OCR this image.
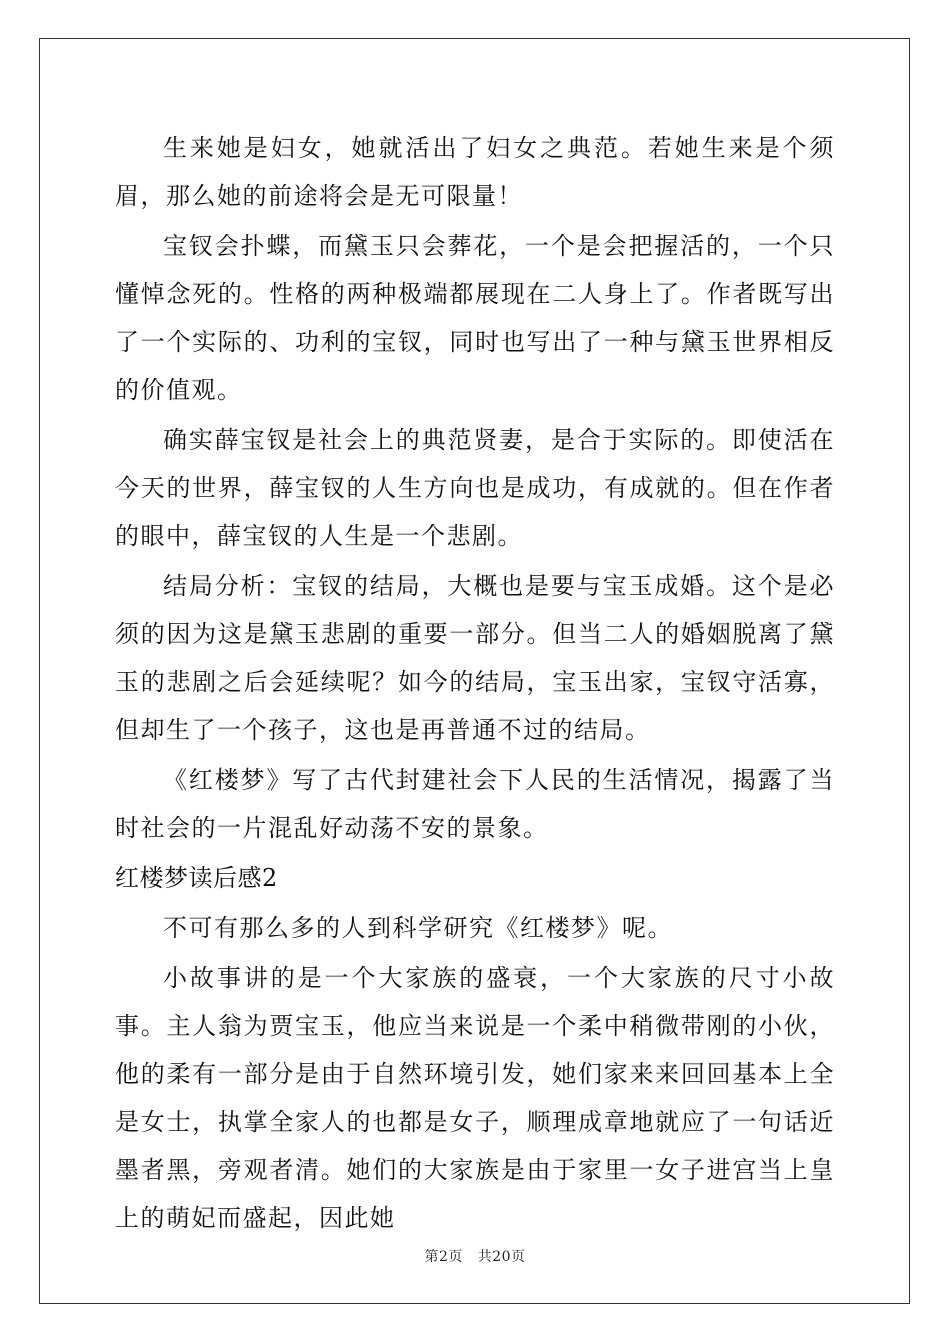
生来她是妇女，她就活出了妇女之典范。若她生来是个须眉，那么她的前途将会是无可限量！

宝钗会扑蝶，而黛玉只会葬花，一个是会把握活的，一个只懂悼念死的。性格的两种极端都展现在二人身上了。作者既写出了一个实际的、功利的宝钗，同时也写出了一种与黛玉世界相反的价值观。

确实薛宝钗是社会上的典范贤妻，是合于实际的。即使活在今天的世界，薛宝钗的人生方向也是成功，有成就的。但在作者的眼中，薛宝钗的人生是一个悲剧。

结局分析：宝钗的结局，大概也是要与宝玉成婚。这个是必须的因为这是黛玉悲剧的重要一部分。但当二人的婚姻脱离了黛玉的悲剧之后会延续呢？如今的结局，宝玉出家，宝钗守活寡，但却生了一个孩子，这也是再普通不过的结局。

《红楼梦》写了古代封建社会下人民的生活情况，揭露了当时社会的一片混乱好动荡不安的景象。

红楼梦读后感2

不可有那么多的人到科学研究《红楼梦》呢。

小故事讲的是一个大家族的盛衰，一个大家族的尺寸小故事。主人翁为贾宝玉，他应当来说是一个柔中稍微带刚的小伙，他的柔有一部分是由于自然环境引发，她们家来来回回基本上全是女士，执掌全家人的也都是女子，顺理成章地就应了一句话近墨者黑，旁观者清。她们的大家族是由于家里一女子进宫当上皇上的萌妃而盛起，因此她

第2页   共20页
